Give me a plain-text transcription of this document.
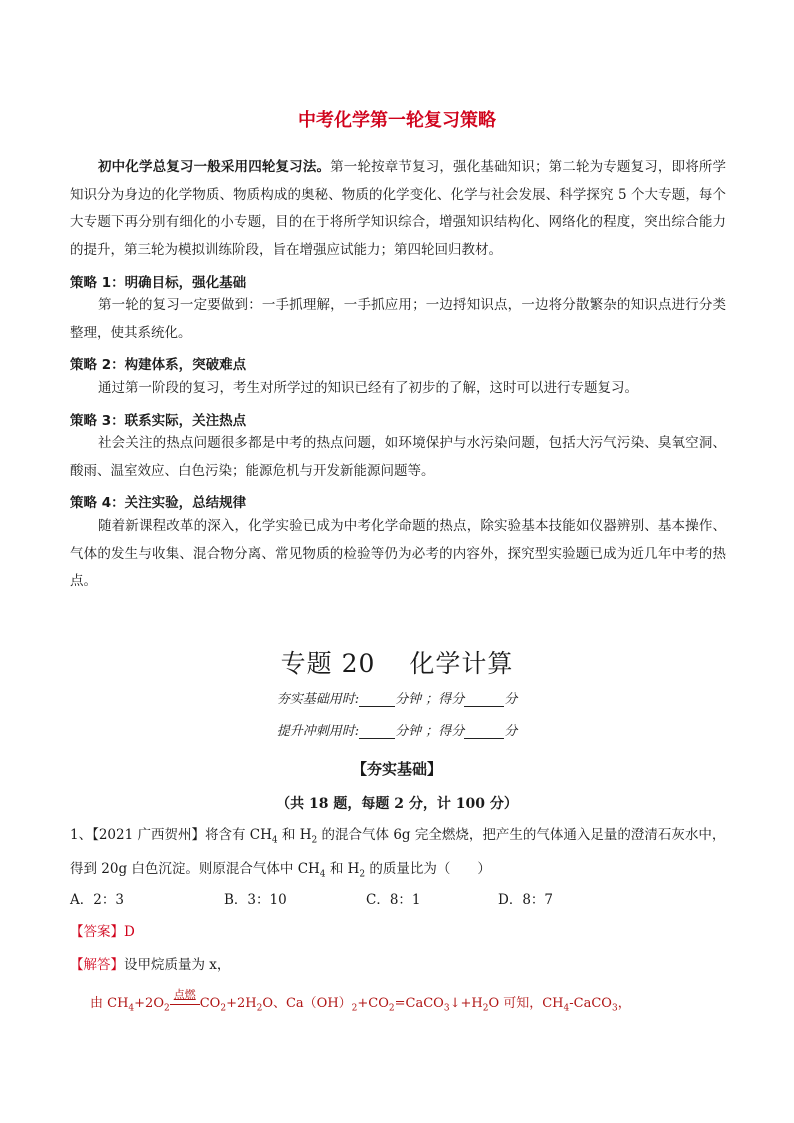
中考化学第一轮复习策略

初中化学总复习一般采用四轮复习法。第一轮按章节复习，强化基础知识；第二轮为专题复习，即将所学知识分为身边的化学物质、物质构成的奥秘、物质的化学变化、化学与社会发展、科学探究 5 个大专题，每个大专题下再分别有细化的小专题，目的在于将所学知识综合，增强知识结构化、网络化的程度，突出综合能力的提升，第三轮为模拟训练阶段，旨在增强应试能力；第四轮回归教材。

策略 1：明确目标，强化基础

第一轮的复习一定要做到：一手抓理解，一手抓应用；一边捋知识点，一边将分散繁杂的知识点进行分类整理，使其系统化。

策略 2：构建体系，突破难点

通过第一阶段的复习，考生对所学过的知识已经有了初步的了解，这时可以进行专题复习。

策略 3：联系实际，关注热点

社会关注的热点问题很多都是中考的热点问题，如环境保护与水污染问题，包括大污气污染、臭氧空洞、酸雨、温室效应、白色污染；能源危机与开发新能源问题等。

策略 4：关注实验，总结规律

随着新课程改革的深入，化学实验已成为中考化学命题的热点，除实验基本技能如仪器辨别、基本操作、气体的发生与收集、混合物分离、常见物质的检验等仍为必考的内容外，探究型实验题已成为近几年中考的热点。

专题 20 化学计算
夯实基础用时:	分钟 ；得分	分
提升冲刺用时:	分钟 ；得分	分
【夯实基础】
（共 18 题，每题 2 分，计 100 分）

1、【2021 广西贺州】将含有 $CH_4$ 和 $H_2$ 的混合气体 6g 完全燃烧，把产生的气体通入足量的澄清石灰水中，得到 20g 白色沉淀。则原混合气体中 $CH_4$ 和 $H_2$ 的质量比为（　　）

A．2：3	B．3：10	C．8：1	D．8：7
【答案】D
【解答】设甲烷质量为 x，
由 $CH_4+2O_2$
点燃
$CO_2+2H_2O$、$Ca(OH)_2+CO_2=CaCO_3↓+H_2O$ 可知，$CH_4-CaCO_3$，
